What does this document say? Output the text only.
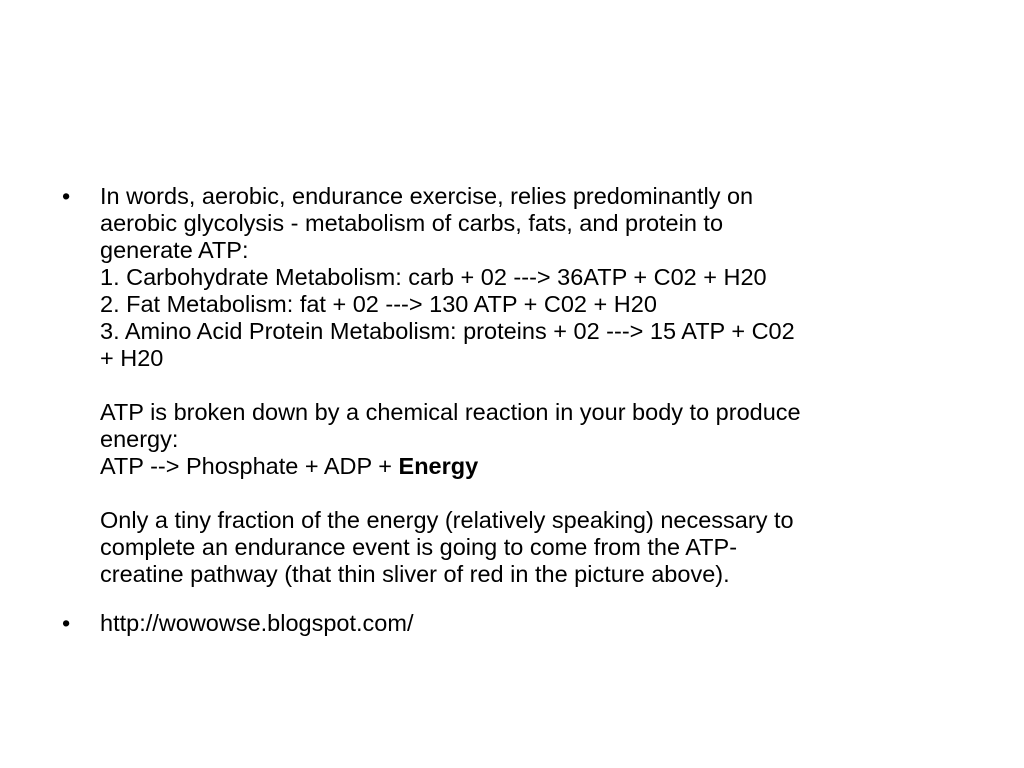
•	In words, aerobic, endurance exercise, relies predominantly on
aerobic glycolysis - metabolism of carbs, fats, and protein to
generate ATP:
1. Carbohydrate Metabolism: carb + 02 ---> 36ATP + C02 + H20
2. Fat Metabolism: fat + 02 ---> 130 ATP + C02 + H20
3. Amino Acid Protein Metabolism: proteins + 02 ---> 15 ATP + C02
+ H20
ATP is broken down by a chemical reaction in your body to produce
energy:
ATP --> Phosphate + ADP + Energy
Only a tiny fraction of the energy (relatively speaking) necessary to
complete an endurance event is going to come from the ATP-
creatine pathway (that thin sliver of red in the picture above).
•	http://wowowse.blogspot.com/
